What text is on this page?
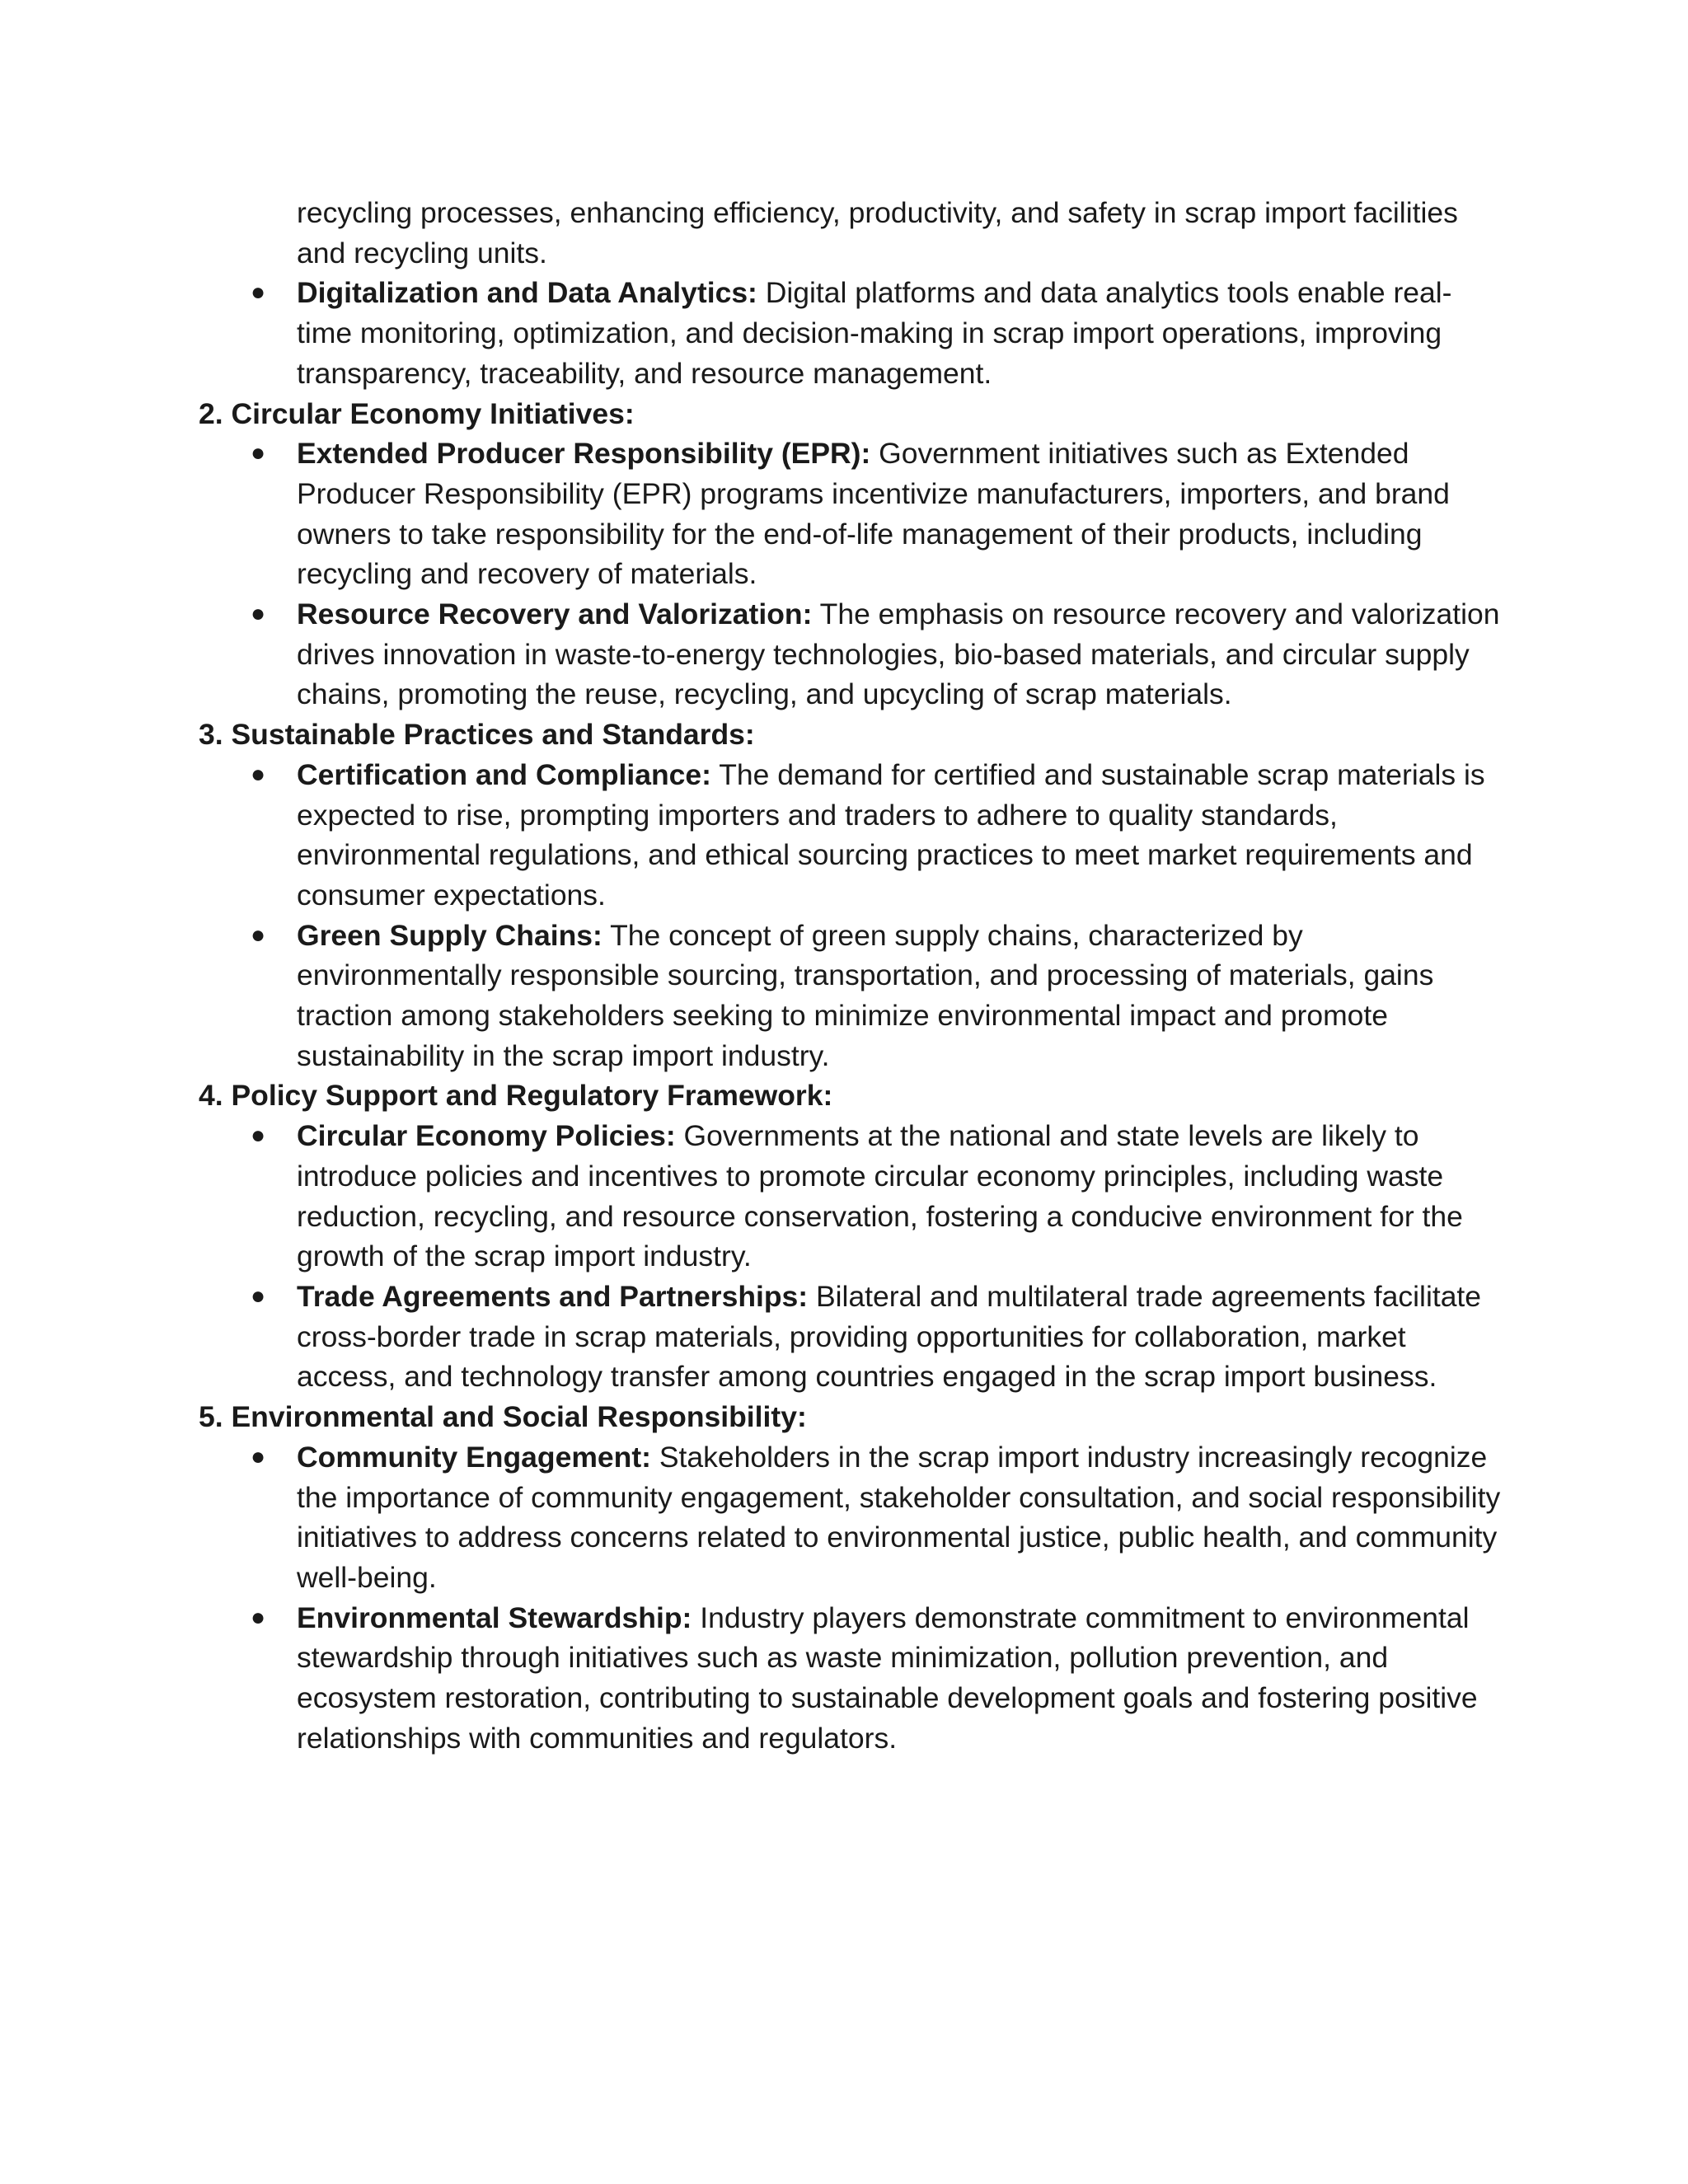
recycling processes, enhancing efficiency, productivity, and safety in scrap import facilities and recycling units.

● Digitalization and Data Analytics: Digital platforms and data analytics tools enable real-time monitoring, optimization, and decision-making in scrap import operations, improving transparency, traceability, and resource management.

2. Circular Economy Initiatives:

● Extended Producer Responsibility (EPR): Government initiatives such as Extended Producer Responsibility (EPR) programs incentivize manufacturers, importers, and brand owners to take responsibility for the end-of-life management of their products, including recycling and recovery of materials.

● Resource Recovery and Valorization: The emphasis on resource recovery and valorization drives innovation in waste-to-energy technologies, bio-based materials, and circular supply chains, promoting the reuse, recycling, and upcycling of scrap materials.

3. Sustainable Practices and Standards:

● Certification and Compliance: The demand for certified and sustainable scrap materials is expected to rise, prompting importers and traders to adhere to quality standards, environmental regulations, and ethical sourcing practices to meet market requirements and consumer expectations.

● Green Supply Chains: The concept of green supply chains, characterized by environmentally responsible sourcing, transportation, and processing of materials, gains traction among stakeholders seeking to minimize environmental impact and promote sustainability in the scrap import industry.

4. Policy Support and Regulatory Framework:

● Circular Economy Policies: Governments at the national and state levels are likely to introduce policies and incentives to promote circular economy principles, including waste reduction, recycling, and resource conservation, fostering a conducive environment for the growth of the scrap import industry.

● Trade Agreements and Partnerships: Bilateral and multilateral trade agreements facilitate cross-border trade in scrap materials, providing opportunities for collaboration, market access, and technology transfer among countries engaged in the scrap import business.

5. Environmental and Social Responsibility:

● Community Engagement: Stakeholders in the scrap import industry increasingly recognize the importance of community engagement, stakeholder consultation, and social responsibility initiatives to address concerns related to environmental justice, public health, and community well-being.

● Environmental Stewardship: Industry players demonstrate commitment to environmental stewardship through initiatives such as waste minimization, pollution prevention, and ecosystem restoration, contributing to sustainable development goals and fostering positive relationships with communities and regulators.
